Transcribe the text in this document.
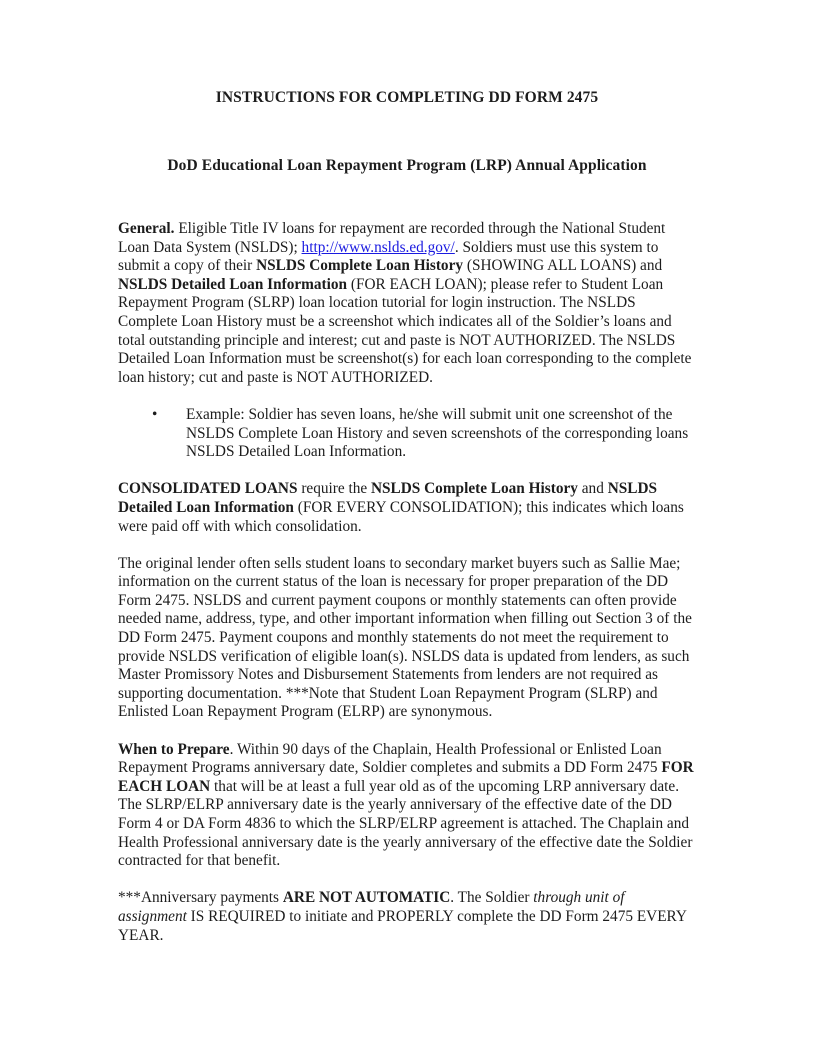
INSTRUCTIONS FOR COMPLETING DD FORM 2475
DoD Educational Loan Repayment Program (LRP) Annual Application

General. Eligible Title IV loans for repayment are recorded through the National Student Loan Data System (NSLDS); http://www.nslds.ed.gov/. Soldiers must use this system to submit a copy of their NSLDS Complete Loan History (SHOWING ALL LOANS) and NSLDS Detailed Loan Information (FOR EACH LOAN); please refer to Student Loan Repayment Program (SLRP) loan location tutorial for login instruction. The NSLDS Complete Loan History must be a screenshot which indicates all of the Soldier’s loans and total outstanding principle and interest; cut and paste is NOT AUTHORIZED. The NSLDS Detailed Loan Information must be screenshot(s) for each loan corresponding to the complete loan history; cut and paste is NOT AUTHORIZED.

•	Example: Soldier has seven loans, he/she will submit unit one screenshot of the NSLDS Complete Loan History and seven screenshots of the corresponding loans NSLDS Detailed Loan Information.

CONSOLIDATED LOANS require the NSLDS Complete Loan History and NSLDS Detailed Loan Information (FOR EVERY CONSOLIDATION); this indicates which loans were paid off with which consolidation.

The original lender often sells student loans to secondary market buyers such as Sallie Mae; information on the current status of the loan is necessary for proper preparation of the DD Form 2475. NSLDS and current payment coupons or monthly statements can often provide needed name, address, type, and other important information when filling out Section 3 of the DD Form 2475. Payment coupons and monthly statements do not meet the requirement to provide NSLDS verification of eligible loan(s). NSLDS data is updated from lenders, as such Master Promissory Notes and Disbursement Statements from lenders are not required as supporting documentation. ***Note that Student Loan Repayment Program (SLRP) and Enlisted Loan Repayment Program (ELRP) are synonymous.

When to Prepare. Within 90 days of the Chaplain, Health Professional or Enlisted Loan Repayment Programs anniversary date, Soldier completes and submits a DD Form 2475 FOR EACH LOAN that will be at least a full year old as of the upcoming LRP anniversary date. The SLRP/ELRP anniversary date is the yearly anniversary of the effective date of the DD Form 4 or DA Form 4836 to which the SLRP/ELRP agreement is attached. The Chaplain and Health Professional anniversary date is the yearly anniversary of the effective date the Soldier contracted for that benefit.

***Anniversary payments ARE NOT AUTOMATIC. The Soldier through unit of assignment IS REQUIRED to initiate and PROPERLY complete the DD Form 2475 EVERY YEAR.
